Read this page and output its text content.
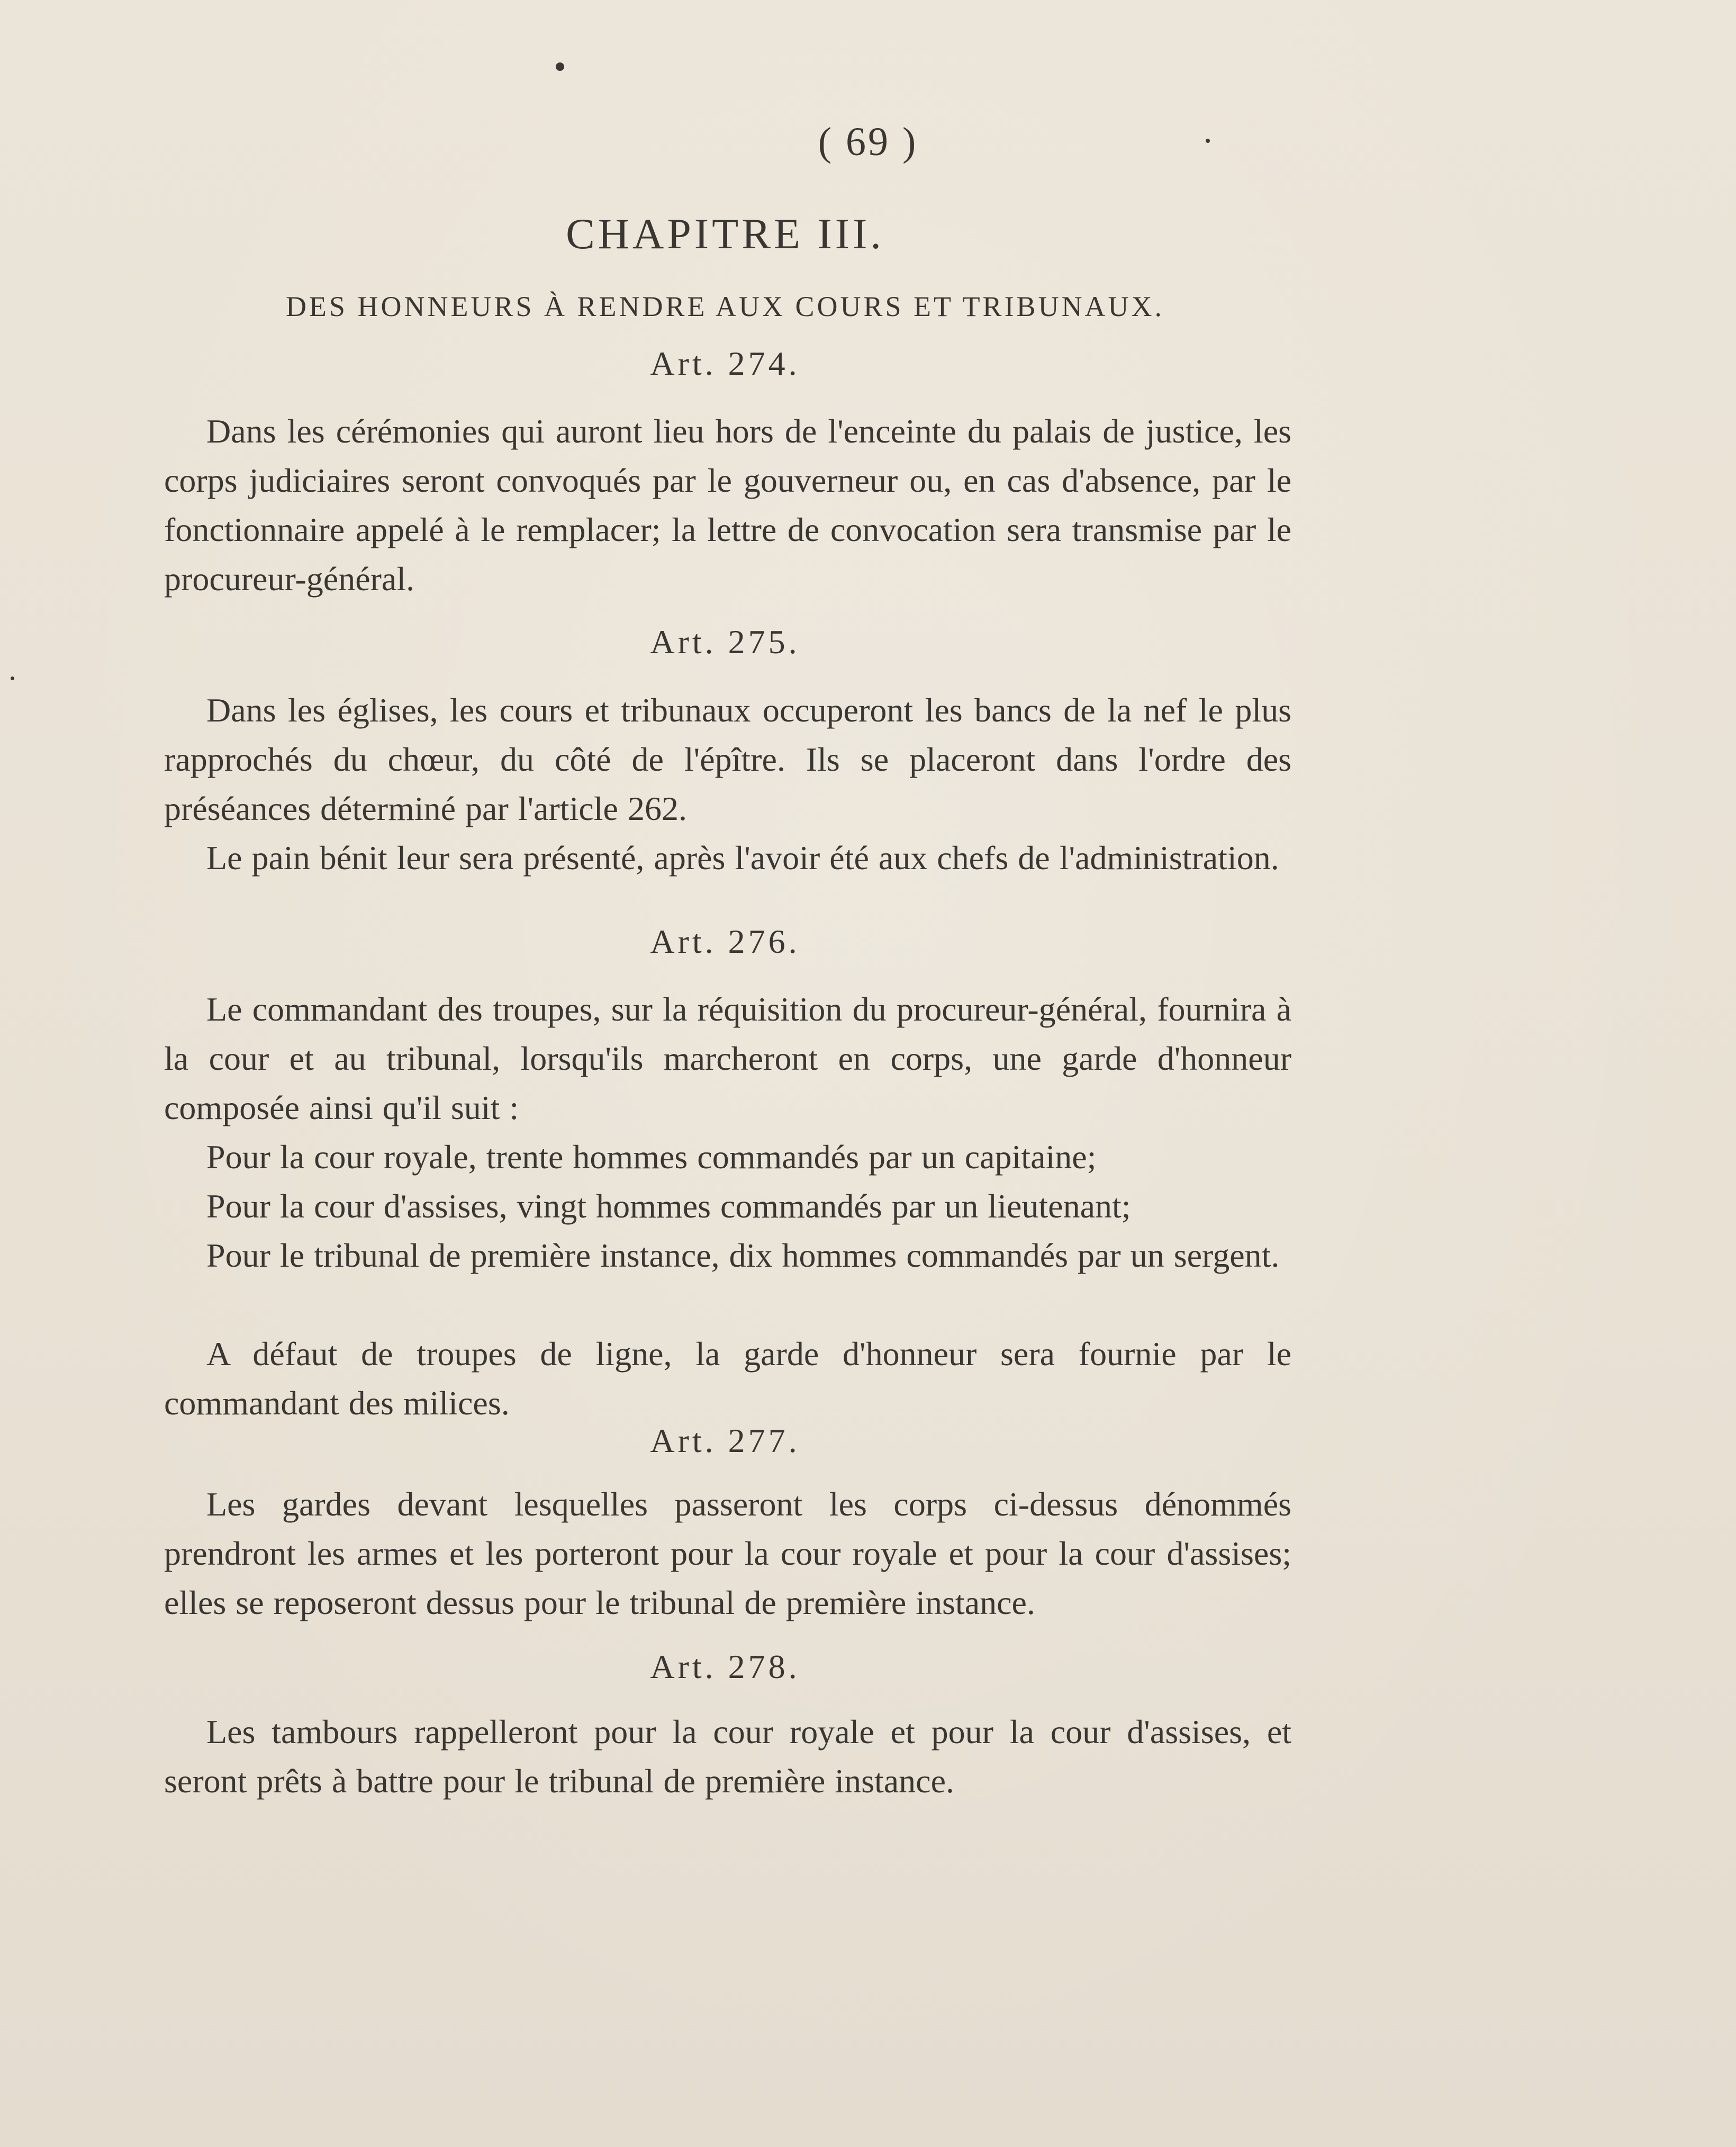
( 69 )
CHAPITRE III.
DES HONNEURS À RENDRE AUX COURS ET TRIBUNAUX.
Art. 274.
Dans les cérémonies qui auront lieu hors de l'enceinte du palais de justice, les corps judiciaires seront convoqués par le gouverneur ou, en cas d'absence, par le fonctionnaire appelé à le remplacer; la lettre de convocation sera transmise par le procureur-général.
Art. 275.
Dans les églises, les cours et tribunaux occuperont les bancs de la nef le plus rapprochés du chœur, du côté de l'épître. Ils se placeront dans l'ordre des préséances déterminé par l'article 262.
Le pain bénit leur sera présenté, après l'avoir été aux chefs de l'administration.
Art. 276.
Le commandant des troupes, sur la réquisition du procureur-général, fournira à la cour et au tribunal, lorsqu'ils marcheront en corps, une garde d'honneur composée ainsi qu'il suit :
Pour la cour royale, trente hommes commandés par un capitaine;
Pour la cour d'assises, vingt hommes commandés par un lieutenant;
Pour le tribunal de première instance, dix hommes commandés par un sergent.
A défaut de troupes de ligne, la garde d'honneur sera fournie par le commandant des milices.
Art. 277.
Les gardes devant lesquelles passeront les corps ci-dessus dénommés prendront les armes et les porteront pour la cour royale et pour la cour d'assises; elles se reposeront dessus pour le tribunal de première instance.
Art. 278.
Les tambours rappelleront pour la cour royale et pour la cour d'assises, et seront prêts à battre pour le tribunal de première instance.
